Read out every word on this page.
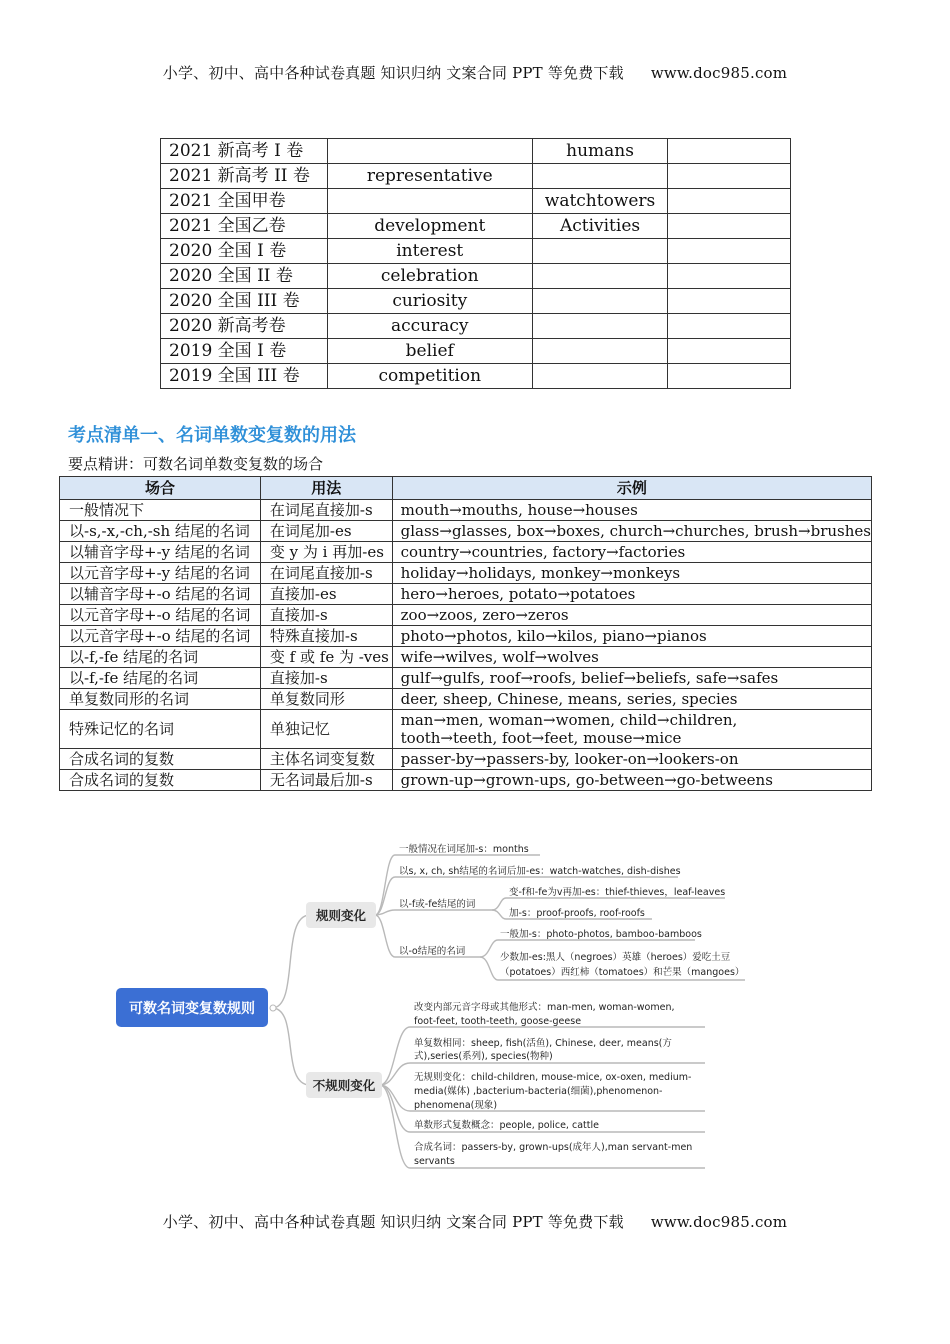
小学、初中、高中各种试卷真题 知识归纳 文案合同 PPT 等免费下载 www.doc985.com
2021 新高考 I 卷		humans	
2021 新高考 II 卷	representative		
2021 全国甲卷		watchtowers	
2021 全国乙卷	development	Activities	
2020 全国 I 卷	interest		
2020 全国 II 卷	celebration		
2020 全国 III 卷	curiosity		
2020 新高考卷	accuracy		
2019 全国 I 卷	belief		
2019 全国 III 卷	competition		
考点清单一、名词单数变复数的用法
要点精讲：可数名词单数变复数的场合
场合	用法	示例
一般情况下	在词尾直接加-s	mouth→mouths, house→houses
以-s,-x,-ch,-sh 结尾的名词	在词尾加-es	glass→glasses, box→boxes, church→churches, brush→brushes
以辅音字母+-y 结尾的名词	变 y 为 i 再加-es	country→countries, factory→factories
以元音字母+-y 结尾的名词	在词尾直接加-s	holiday→holidays, monkey→monkeys
以辅音字母+-o 结尾的名词	直接加-es	hero→heroes, potato→potatoes
以元音字母+-o 结尾的名词	直接加-s	zoo→zoos, zero→zeros
以元音字母+-o 结尾的名词	特殊直接加-s	photo→photos, kilo→kilos, piano→pianos
以-f,-fe 结尾的名词	变 f 或 fe 为 -ves	wife→wilves, wolf→wolves
以-f,-fe 结尾的名词	直接加-s	gulf→gulfs, roof→roofs, belief→beliefs, safe→safes
单复数同形的名词	单复数同形	deer, sheep, Chinese, means, series, species
特殊记忆的名词	单独记忆	man→men, woman→women, child→children,
tooth→teeth, foot→feet, mouse→mice

合成名词的复数	主体名词变复数	passer-by→passers-by, looker-on→lookers-on
合成名词的复数	无名词最后加-s	grown-up→grown-ups, go-between→go-betweens
可数名词变复数规则
规则变化
不规则变化
一般情况在词尾加-s：months
以s, x, ch, sh结尾的名词后加-es：watch-watches, dish-dishes
以-f或-fe结尾的词
变-f和-fe为v再加-es：thief-thieves，leaf-leaves
加-s：proof-proofs, roof-roofs
以-o结尾的名词
一般加-s：photo-photos, bamboo-bamboos
少数加-es:黑人（negroes）英雄（heroes）爱吃土豆
（potatoes）西红柿（tomatoes）和芒果（mangoes）
改变内部元音字母或其他形式：man-men, woman-women,
foot-feet, tooth-teeth, goose-geese
单复数相同：sheep, fish(活鱼), Chinese, deer, means(方
式),series(系列), species(物种)
无规则变化：child-children, mouse-mice, ox-oxen, medium-
media(媒体) ,bacterium-bacteria(细菌),phenomenon-
phenomena(现象)
单数形式复数概念：people, police, cattle
合成名词：passers-by, grown-ups(成年人),man servant-men
servants
小学、初中、高中各种试卷真题 知识归纳 文案合同 PPT 等免费下载 www.doc985.com
